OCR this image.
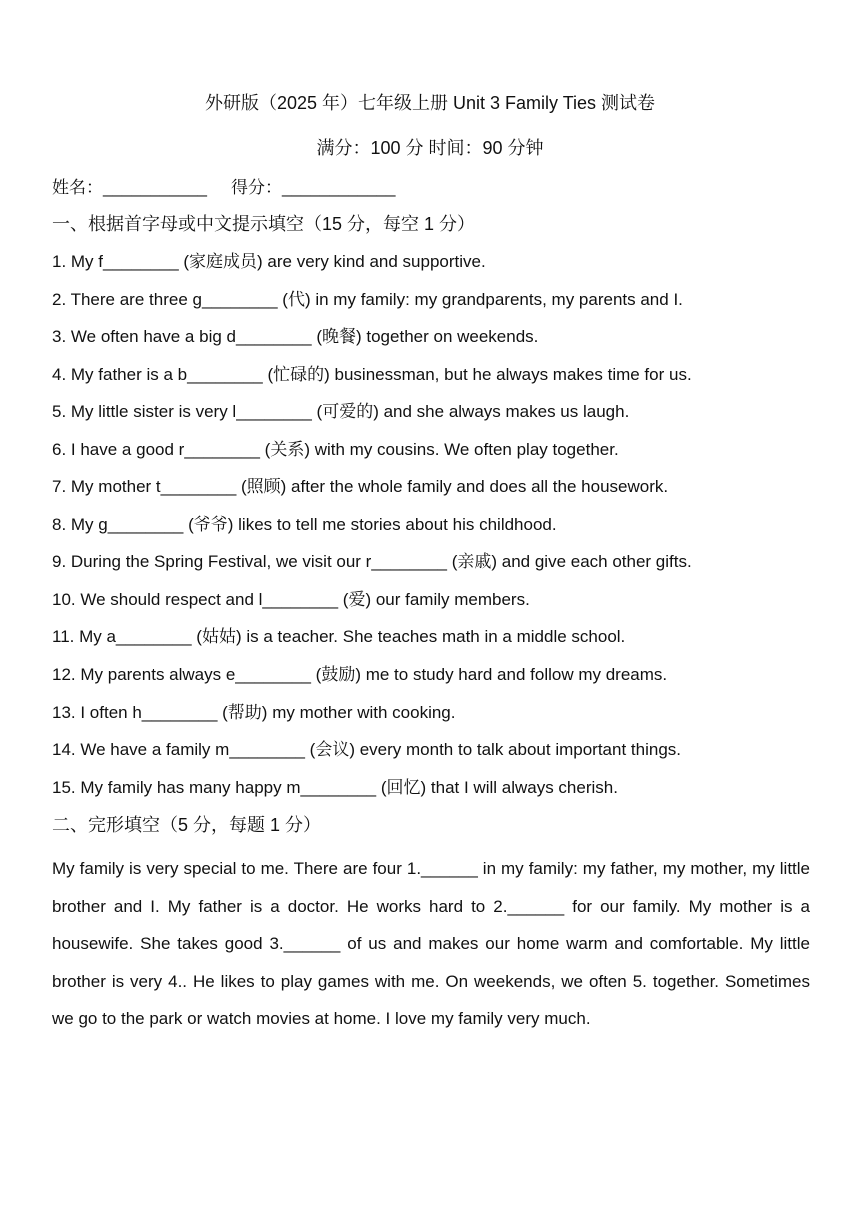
外研版（2025 年）七年级上册 Unit 3 Family Ties 测试卷
满分：100 分 时间：90 分钟
姓名：___________ 得分：____________
一、根据首字母或中文提示填空（15 分，每空 1 分）
1. My f________ (家庭成员) are very kind and supportive.
2. There are three g________ (代) in my family: my grandparents, my parents and I.
3. We often have a big d________ (晚餐) together on weekends.
4. My father is a b________ (忙碌的) businessman, but he always makes time for us.
5. My little sister is very l________ (可爱的) and she always makes us laugh.
6. I have a good r________ (关系) with my cousins. We often play together.
7. My mother t________ (照顾) after the whole family and does all the housework.
8. My g________ (爷爷) likes to tell me stories about his childhood.
9. During the Spring Festival, we visit our r________ (亲戚) and give each other gifts.
10. We should respect and l________ (爱) our family members.
11. My a________ (姑姑) is a teacher. She teaches math in a middle school.
12. My parents always e________ (鼓励) me to study hard and follow my dreams.
13. I often h________ (帮助) my mother with cooking.
14. We have a family m________ (会议) every month to talk about important things.
15. My family has many happy m________ (回忆) that I will always cherish.
二、完形填空（5 分，每题 1 分）
My family is very special to me. There are four 1.______ in my family: my father, my mother, my little brother and I. My father is a doctor. He works hard to 2.______ for our family. My mother is a housewife. She takes good 3.______ of us and makes our home warm and comfortable. My little brother is very 4.. He likes to play games with me. On weekends, we often 5. together. Sometimes we go to the park or watch movies at home. I love my family very much.
